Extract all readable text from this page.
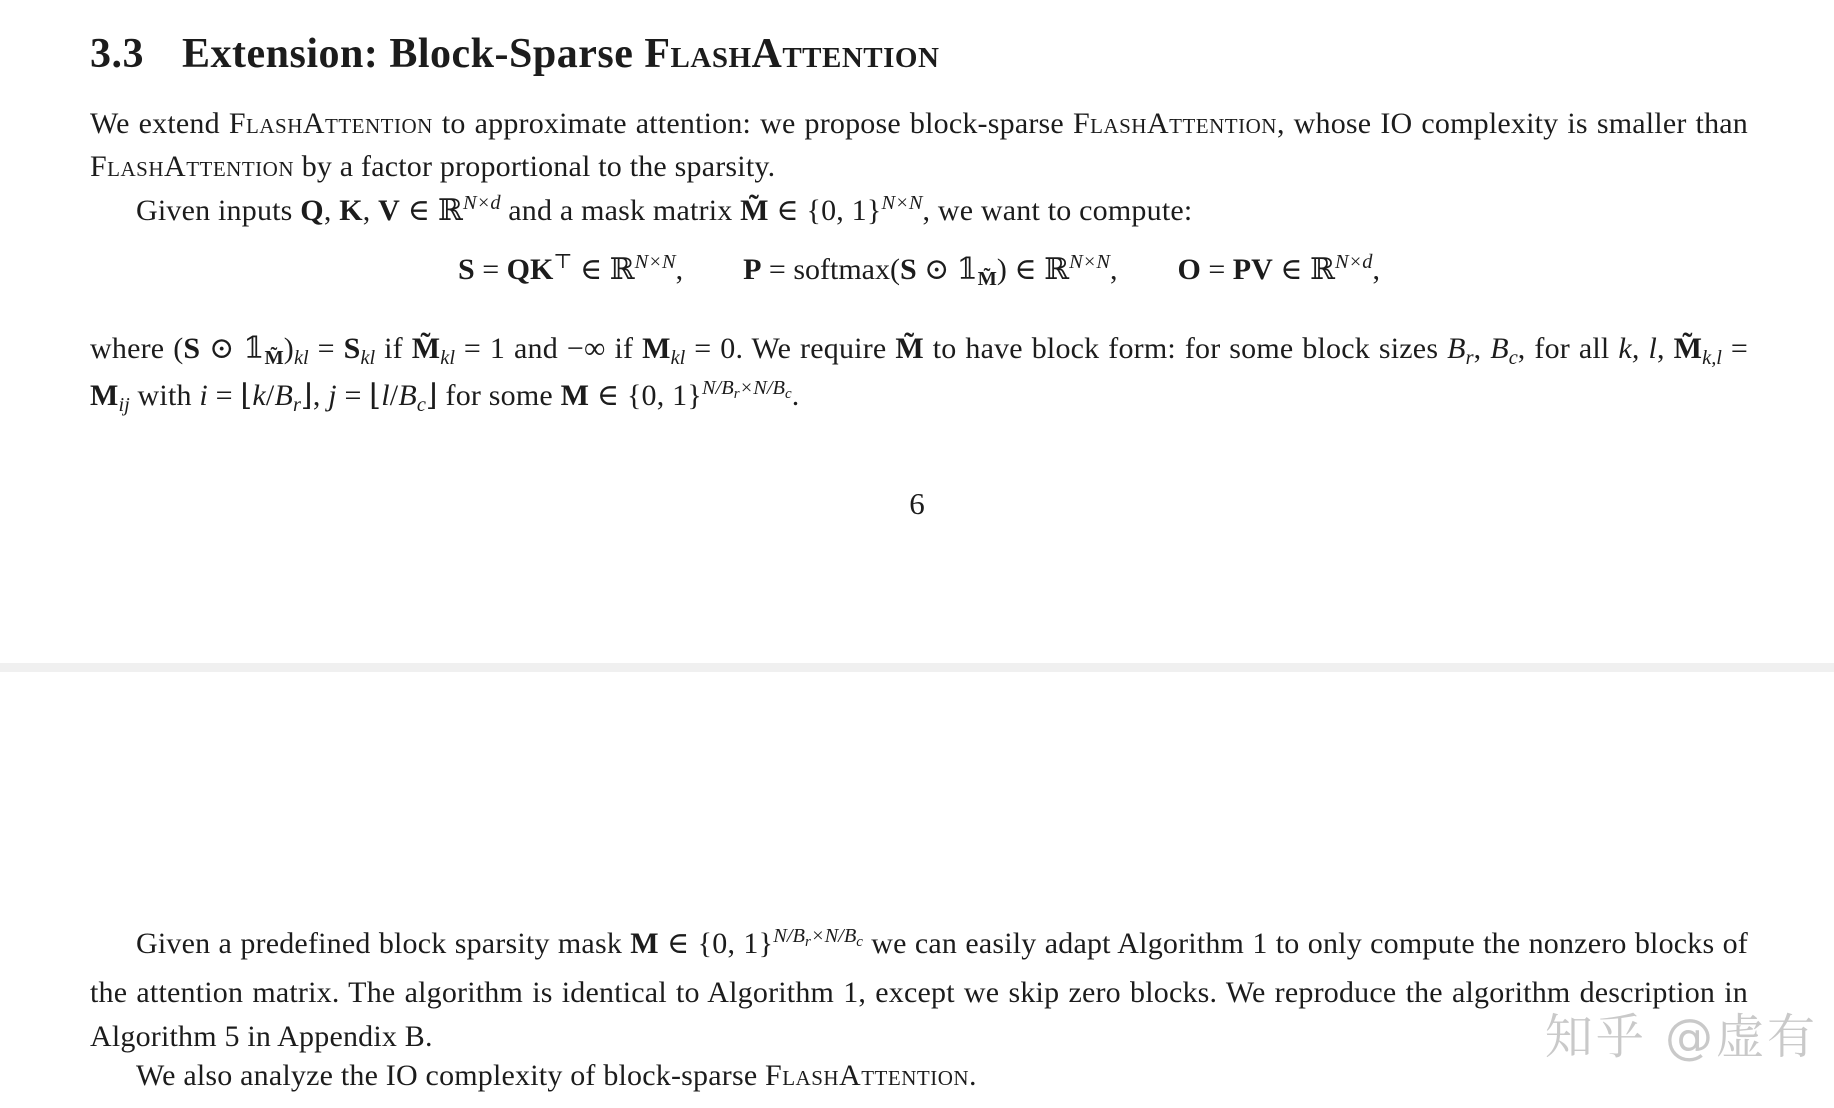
3.3 Extension: Block-Sparse FlashAttention

We extend FlashAttention to approximate attention: we propose block-sparse FlashAttention, whose IO complexity is smaller than FlashAttention by a factor proportional to the sparsity.

Given inputs Q, K, V ∈ ℝ$^{N\times d}$ and a mask matrix M̃ ∈ {0, 1}$^{N\times N}$, we want to compute:

S = QK⊤ ∈ ℝ$^{N\times N}$,   P = softmax(S ⊙ 𝟙M̃) ∈ ℝ$^{N\times N}$,   O = PV ∈ ℝ$^{N\times d}$,

where (S ⊙ 𝟙M̃)kl = Skl if M̃kl = 1 and −∞ if Mkl = 0. We require M̃ to have block form: for some block sizes Br, Bc, for all k, l, M̃k,l = Mij with i = ⌊k/Br⌋, j = ⌊l/Bc⌋ for some M ∈ {0, 1}$^{N/Br\times N/Bc}$.

6

Given a predefined block sparsity mask M ∈ {0, 1}$^{N/Br\times N/Bc}$ we can easily adapt Algorithm 1 to only compute the nonzero blocks of the attention matrix. The algorithm is identical to Algorithm 1, except we skip zero blocks. We reproduce the algorithm description in Algorithm 5 in Appendix B.

We also analyze the IO complexity of block-sparse FlashAttention.

知乎 @虚有
